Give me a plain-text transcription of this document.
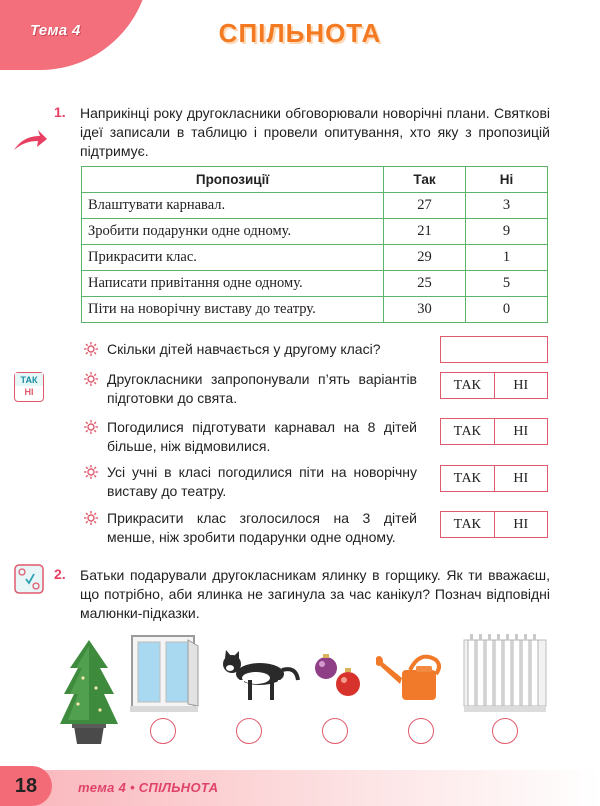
Тема 4	СПІЛЬНОТА
1. Наприкінці року другокласники обговорювали новорічні плани. Святкові ідеї записали в таблицю і провели опитування, хто яку з пропозицій підтримує.
Пропозиції	Так	Ні
Влаштувати карнавал.	27	3
Зробити подарунки одне одному.	21	9
Прикрасити клас.	29	1
Написати привітання одне одному.	25	5
Піти на новорічну виставу до театру.	30	0
ТАК
НІ
Скільки дітей навчається у другому класі?
Другокласники запропонували п’ять варіантів підготовки до свята.
ТАК	НІ
Погодилися підготувати карнавал на 8 дітей більше, ніж відмовилися.
ТАК	НІ
Усі учні в класі погодилися піти на новорічну виставу до театру.
ТАК	НІ
Прикрасити клас зголосилося на 3 дітей менше, ніж зробити подарунки одне одному.
ТАК	НІ
2. Батьки подарували другокласникам ялинку в горщику. Як ти вважаєш, що потрібно, аби ялинка не загинула за час канікул? Познач відповідні малюнки-підказки.
18	тема 4 • СПІЛЬНОТА
